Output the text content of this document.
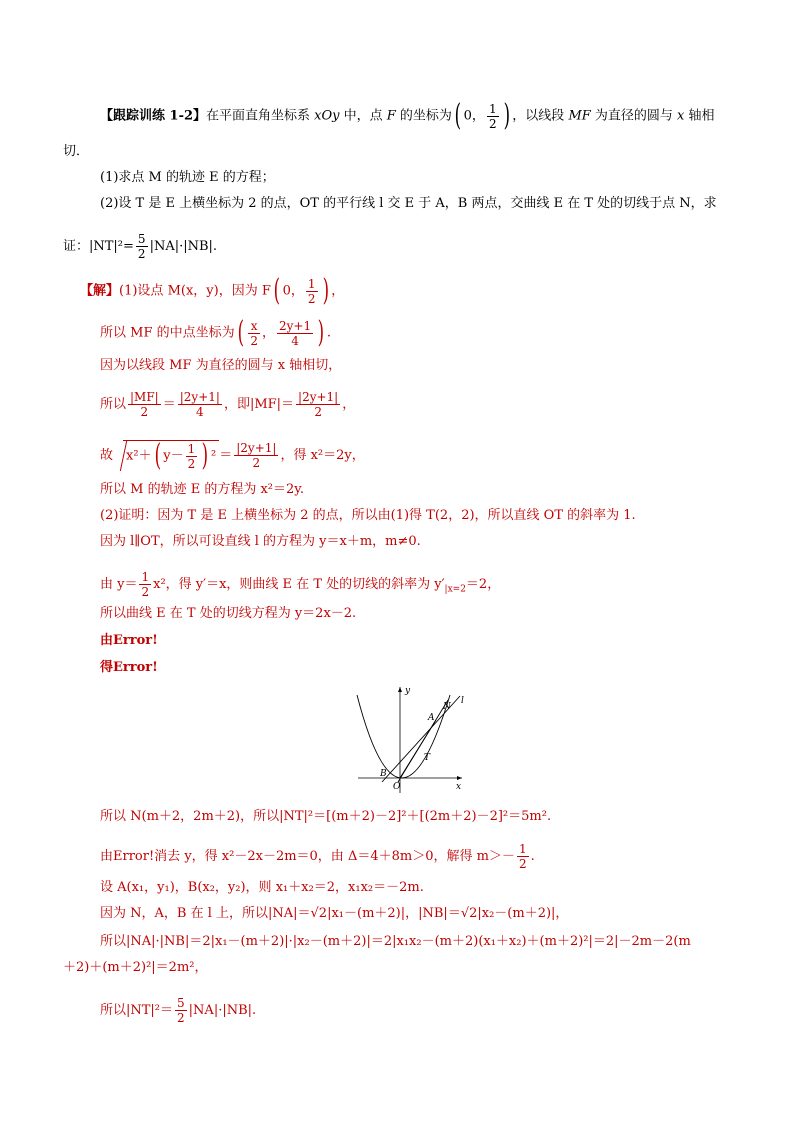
【跟踪训练 1-2】在平面直角坐标系 xOy 中，点 F 的坐标为( 0， $\frac{1}{2}$ ) ，以线段 MF 为直径的圆与 x 轴相
切．
(1)求点 M 的轨迹 E 的方程；
(2)设 T 是 E 上横坐标为 2 的点，OT 的平行线 l 交 E 于 A，B 两点，交曲线 E 在 T 处的切线于点 N，求
证：$|NT|^2= \frac{5}{2} |NA|\cdot|NB|$.
【解】(1)设点 M(x，y)，因为 F( 0， $\frac{1}{2}$ ) ，
所以 MF 的中点坐标为( $\frac{x}{2}$ ， $\frac{2y+1}{4}$ ) .
因为以线段 MF 为直径的圆与 x 轴相切，
所以 $\frac{|MF|}{2} = \frac{|2y+1|}{4}$ ，即$|MF|= \frac{|2y+1|}{2}$ ，
故 x²＋( $y- \frac{1}{2}$ ) $^2 = \frac{|2y+1|}{2}$ ，得 x²＝2y，
所以 M 的轨迹 E 的方程为 x²＝2y.
(2)证明：因为 T 是 E 上横坐标为 2 的点，所以由(1)得 T(2，2)，所以直线 OT 的斜率为 1.
因为 l∥OT，所以可设直线 l 的方程为 y＝x＋m，m≠0.
由 $y= \frac{1}{2} x^2$，得 y′＝x，则曲线 E 在 T 处的切线的斜率为 $y'_{|x=2}=2$，
所以曲线 E 在 T 处的切线方程为 y＝2x－2.
由Error!
得Error!
y
x
l
N
A
T
B
O
所以 N(m＋2，2m＋2)，所以|NT|²＝[(m＋2)－2]²＋[(2m＋2)－2]²＝5m².
由Error!消去 y，得 x²－2x－2m＝0，由 Δ＝4＋8m＞0，解得 $m>- \frac{1}{2}$ .
设 A(x₁，y₁)，B(x₂，y₂)，则 x₁＋x₂＝2，x₁x₂＝－2m.
因为 N，A，B 在 l 上，所以|NA|＝√2|x₁－(m＋2)|，|NB|＝√2|x₂－(m＋2)|，
所以|NA|·|NB|＝2|x₁－(m＋2)|·|x₂－(m＋2)|＝2|x₁x₂－(m＋2)(x₁＋x₂)＋(m＋2)²|＝2|－2m－2(m
＋2)＋(m＋2)²|＝2m²，
所以$|NT|^2= \frac{5}{2} |NA|\cdot|NB|$.
